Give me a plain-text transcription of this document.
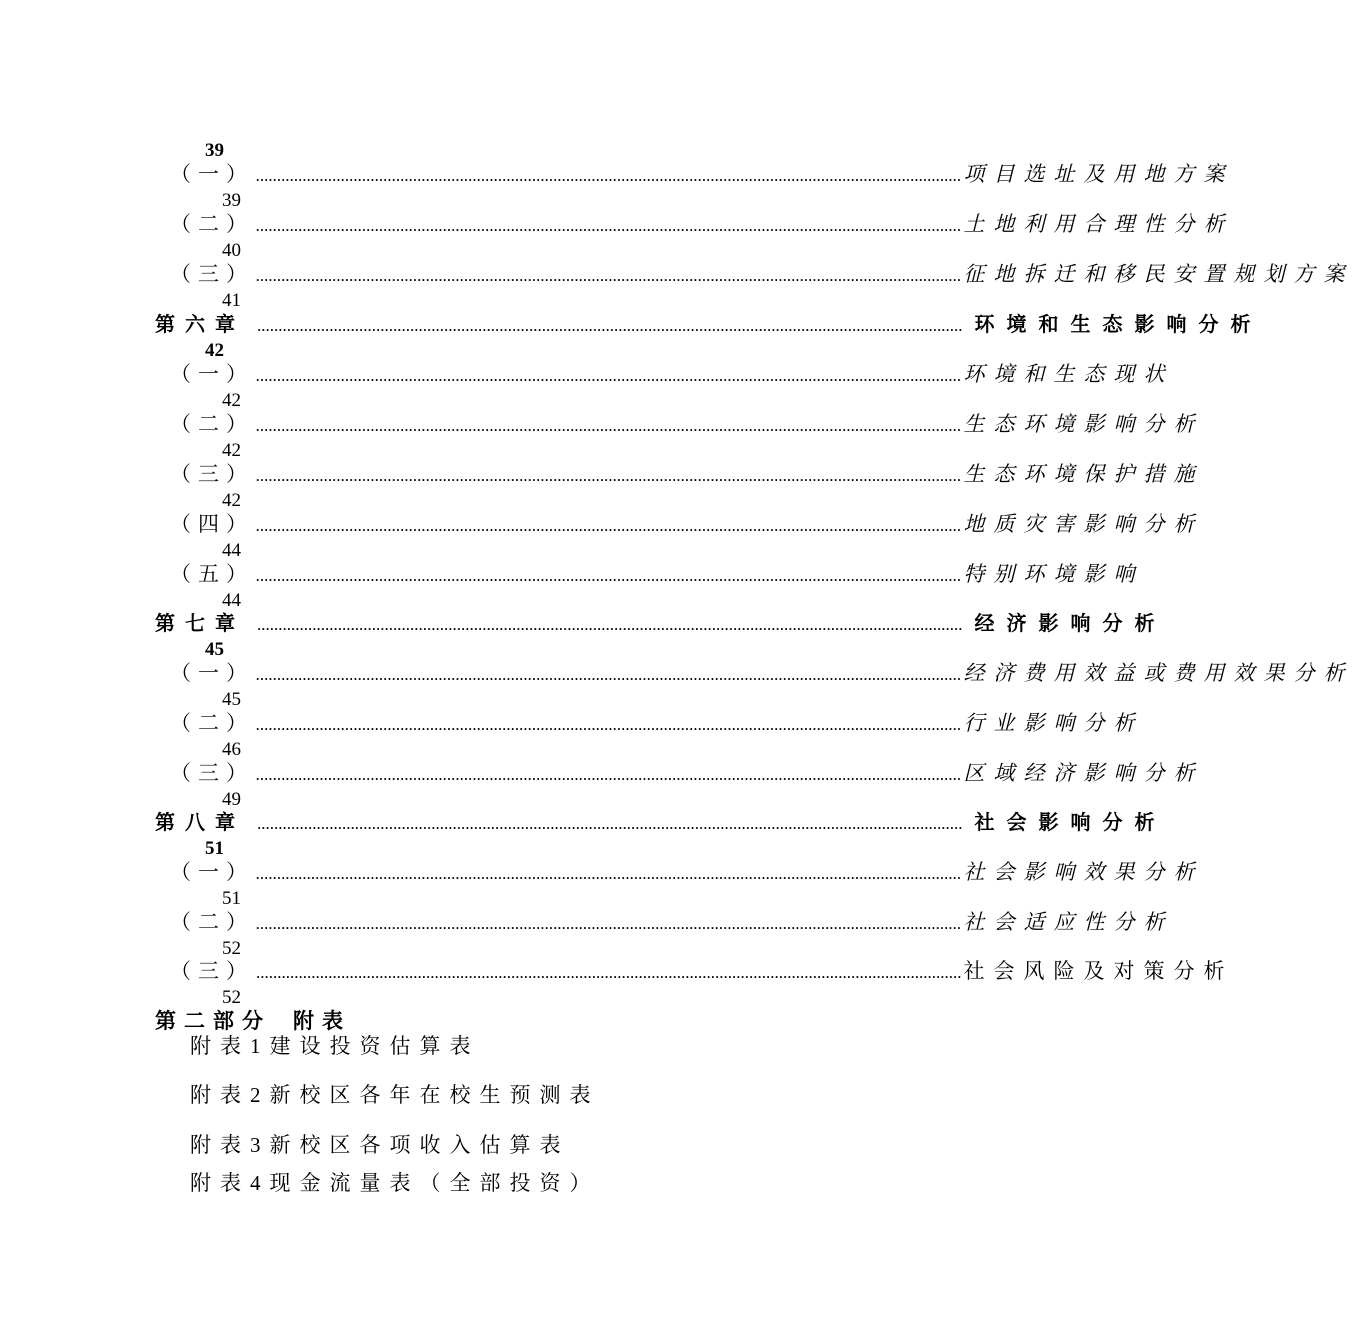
39
（一） ...................................................................................................................................................................... 项目选址及用地方案
39
（二） ...................................................................................................................................................................... 土地利用合理性分析
40
（三） ...................................................................................................................................................................... 征地拆迁和移民安置规划方案
41
第六章 ...................................................................................................................................................................... 环境和生态影响分析
42
（一） ...................................................................................................................................................................... 环境和生态现状
42
（二） ...................................................................................................................................................................... 生态环境影响分析
42
（三） ...................................................................................................................................................................... 生态环境保护措施
42
（四） ...................................................................................................................................................................... 地质灾害影响分析
44
（五） ...................................................................................................................................................................... 特别环境影响
44
第七章 ...................................................................................................................................................................... 经济影响分析
45
（一） ...................................................................................................................................................................... 经济费用效益或费用效果分析
45
（二） ...................................................................................................................................................................... 行业影响分析
46
（三） ...................................................................................................................................................................... 区域经济影响分析
49
第八章 ...................................................................................................................................................................... 社会影响分析
51
（一） ...................................................................................................................................................................... 社会影响效果分析
51
（二） ...................................................................................................................................................................... 社会适应性分析
52
（三） ...................................................................................................................................................................... 社会风险及对策分析
52
第二部分 附表
附表1建设投资估算表
附表2新校区各年在校生预测表
附表3新校区各项收入估算表
附表4现金流量表（全部投资）
